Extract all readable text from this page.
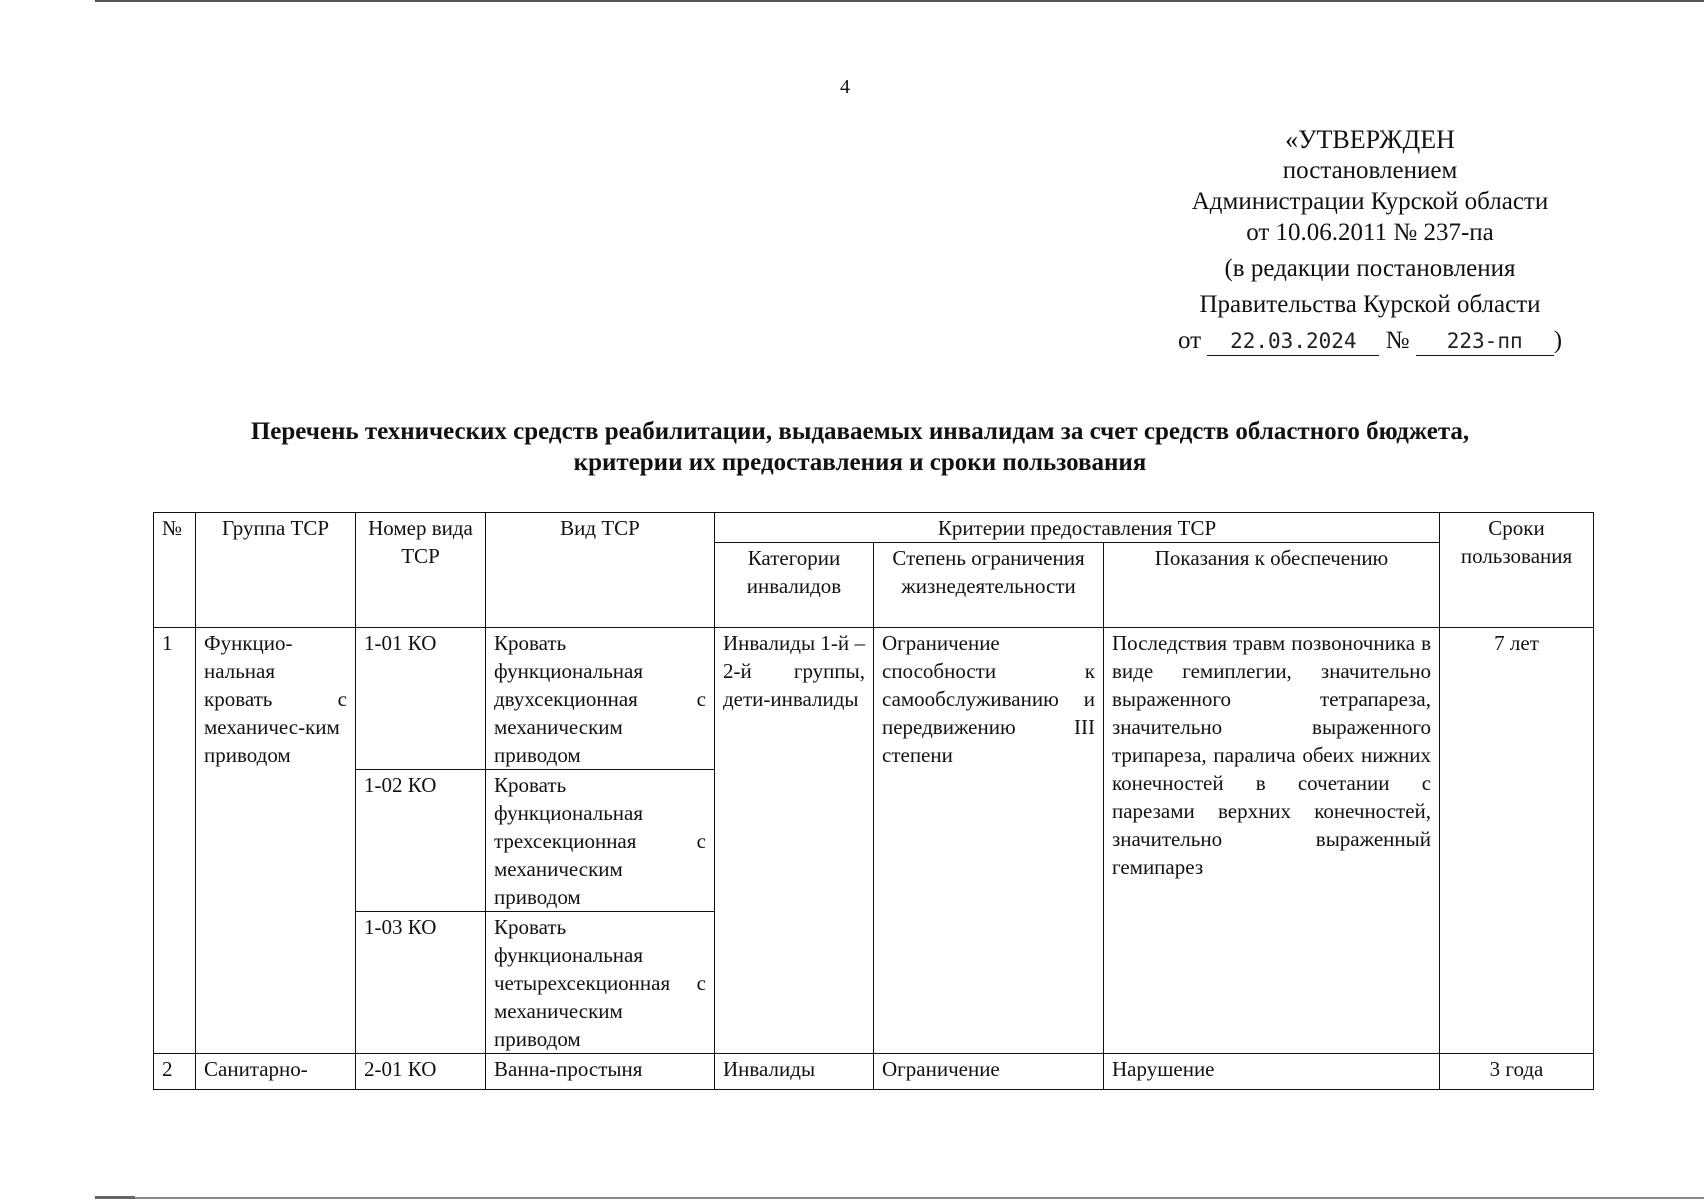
4
«УТВЕРЖДЕН
постановлением
Администрации Курской области
от 10.06.2011 № 237-па
(в редакции постановления
Правительства Курской области
от 22.03.2024 № 223-пп )
Перечень технических средств реабилитации, выдаваемых инвалидам за счет средств областного бюджета,
критерии их предоставления и сроки пользования
№	Группа ТСР	Номер вида ТСР	Вид ТСР	Критерии предоставления ТСР			Сроки пользования
				Категории инвалидов	Степень ограничения жизнедеятельности	Показания к обеспечению	
1	Функцио-нальная кровать с механичес-ким приводом	1-01 КО	Кровать функциональная двухсекционная с механическим приводом	Инвалиды 1-й – 2-й группы, дети-инвалиды	Ограничение способности к самообслуживанию и передвижению III степени	Последствия травм позвоночника в виде гемиплегии, значительно выраженного тетрапареза, значительно выраженного трипареза, паралича обеих нижних конечностей в сочетании с парезами верхних конечностей, значительно выраженный гемипарез	7 лет
		1-02 КО	Кровать функциональная трехсекционная с механическим приводом				
		1-03 КО	Кровать функциональная четырехсекционная с механическим приводом				
2	Санитарно-	2-01 КО	Ванна-простыня	Инвалиды	Ограничение	Нарушение	3 года
